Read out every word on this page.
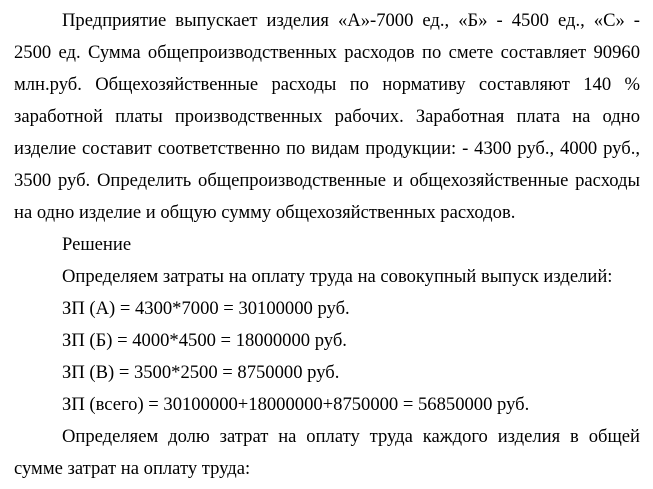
Предприятие выпускает изделия «А»-7000 ед., «Б» - 4500 ед., «С» -
2500 ед. Сумма общепроизводственных расходов по смете составляет 90960
млн.руб. Общехозяйственные расходы по нормативу составляют 140 %
заработной платы производственных рабочих. Заработная плата на одно
изделие составит соответственно по видам продукции: - 4300 руб., 4000 руб.,
3500 руб. Определить общепроизводственные и общехозяйственные расходы
на одно изделие и общую сумму общехозяйственных расходов.
Решение
Определяем затраты на оплату труда на совокупный выпуск изделий:
ЗП (А) = 4300*7000 = 30100000 руб.
ЗП (Б) = 4000*4500 = 18000000 руб.
ЗП (В) = 3500*2500 = 8750000 руб.
ЗП (всего) = 30100000+18000000+8750000 = 56850000 руб.
Определяем долю затрат на оплату труда каждого изделия в общей
сумме затрат на оплату труда:
